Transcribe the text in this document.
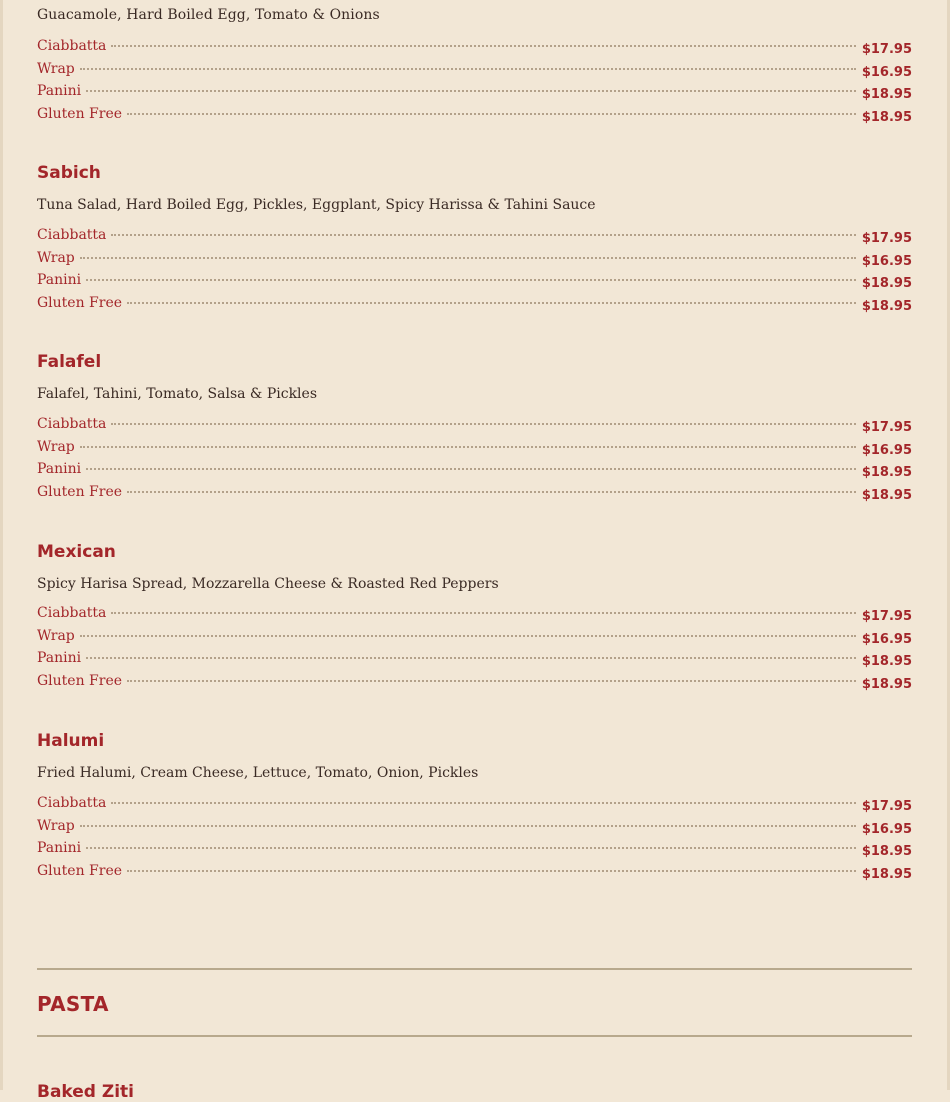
Guacamole, Hard Boiled Egg, Tomato & Onions
Ciabbatta	$17.95
Wrap	$16.95
Panini	$18.95
Gluten Free	$18.95
Sabich
Tuna Salad, Hard Boiled Egg, Pickles, Eggplant, Spicy Harissa & Tahini Sauce
Ciabbatta	$17.95
Wrap	$16.95
Panini	$18.95
Gluten Free	$18.95
Falafel
Falafel, Tahini, Tomato, Salsa & Pickles
Ciabbatta	$17.95
Wrap	$16.95
Panini	$18.95
Gluten Free	$18.95
Mexican
Spicy Harisa Spread, Mozzarella Cheese & Roasted Red Peppers
Ciabbatta	$17.95
Wrap	$16.95
Panini	$18.95
Gluten Free	$18.95
Halumi
Fried Halumi, Cream Cheese, Lettuce, Tomato, Onion, Pickles
Ciabbatta	$17.95
Wrap	$16.95
Panini	$18.95
Gluten Free	$18.95
PASTA
Baked Ziti
